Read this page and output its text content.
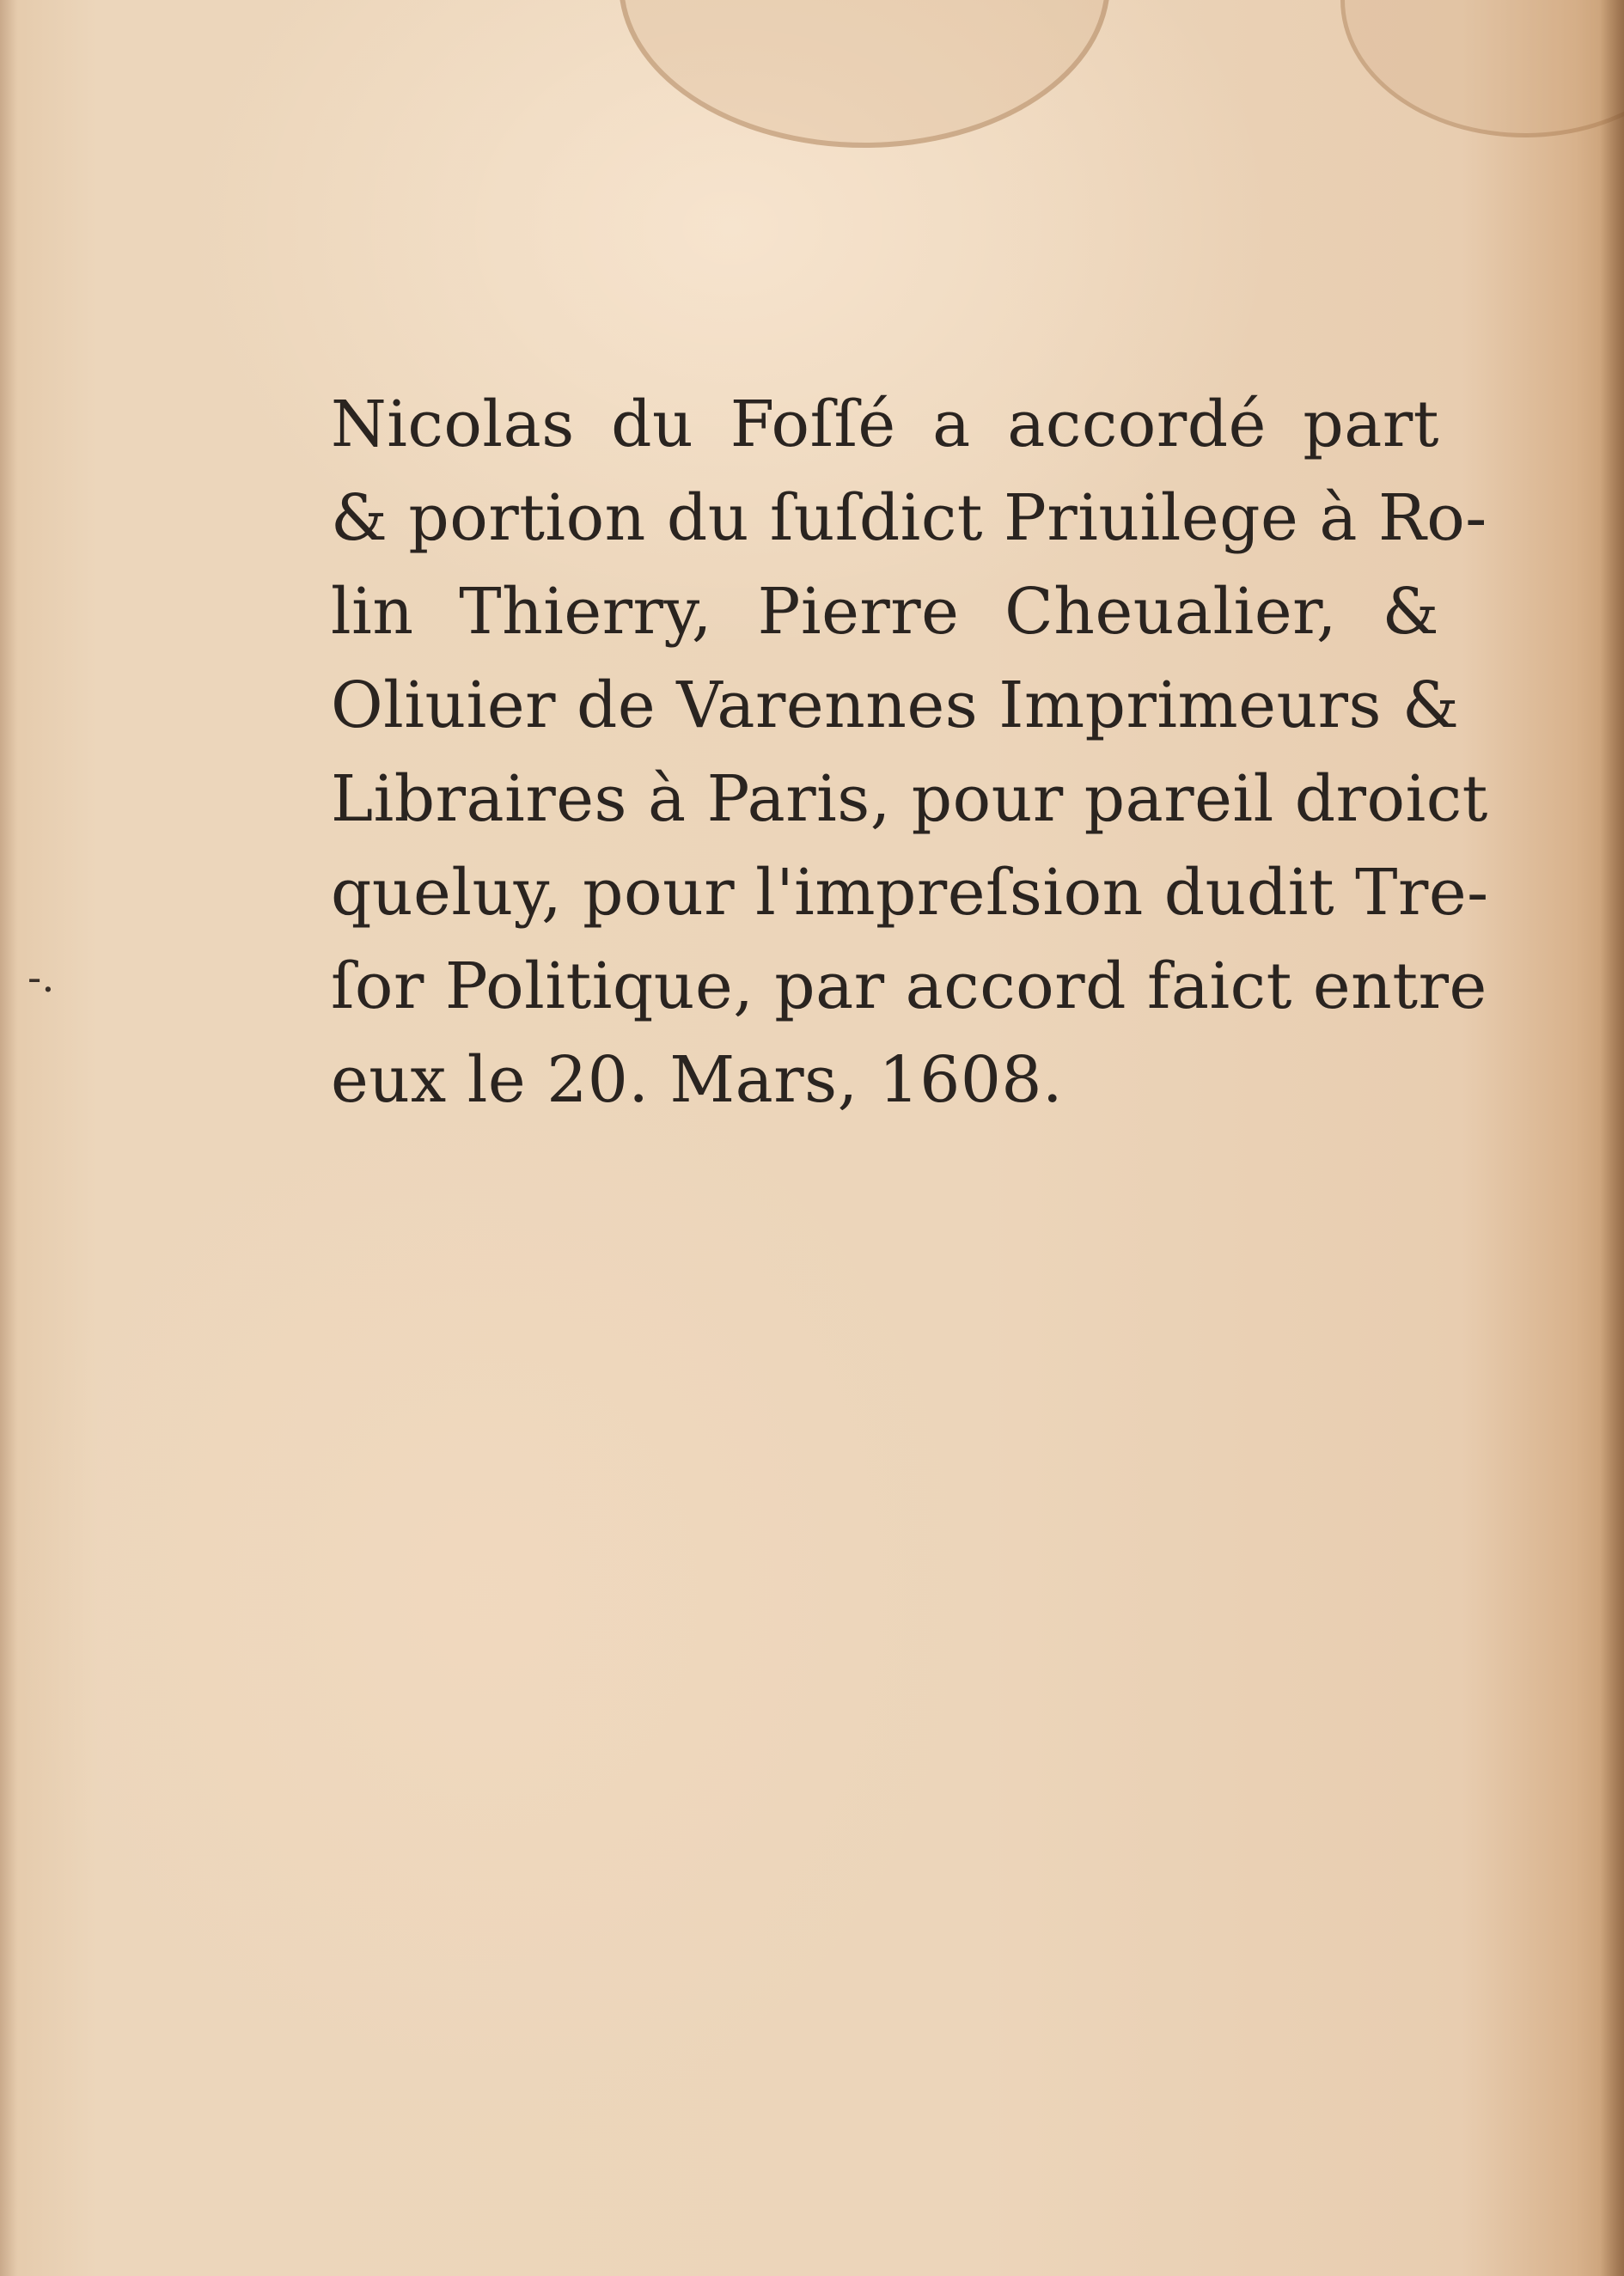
-.
Nicolas du Foſſé a accordé part
& portion du ſuſdict Priuilege à Ro-
lin Thierry, Pierre Cheualier, &
Oliuier de Varennes Imprimeurs &
Libraires à Paris, pour pareil droict
queluy, pour l'impreſsion dudit Tre-
ſor Politique, par accord faict entre
eux le 20. Mars, 1608.
